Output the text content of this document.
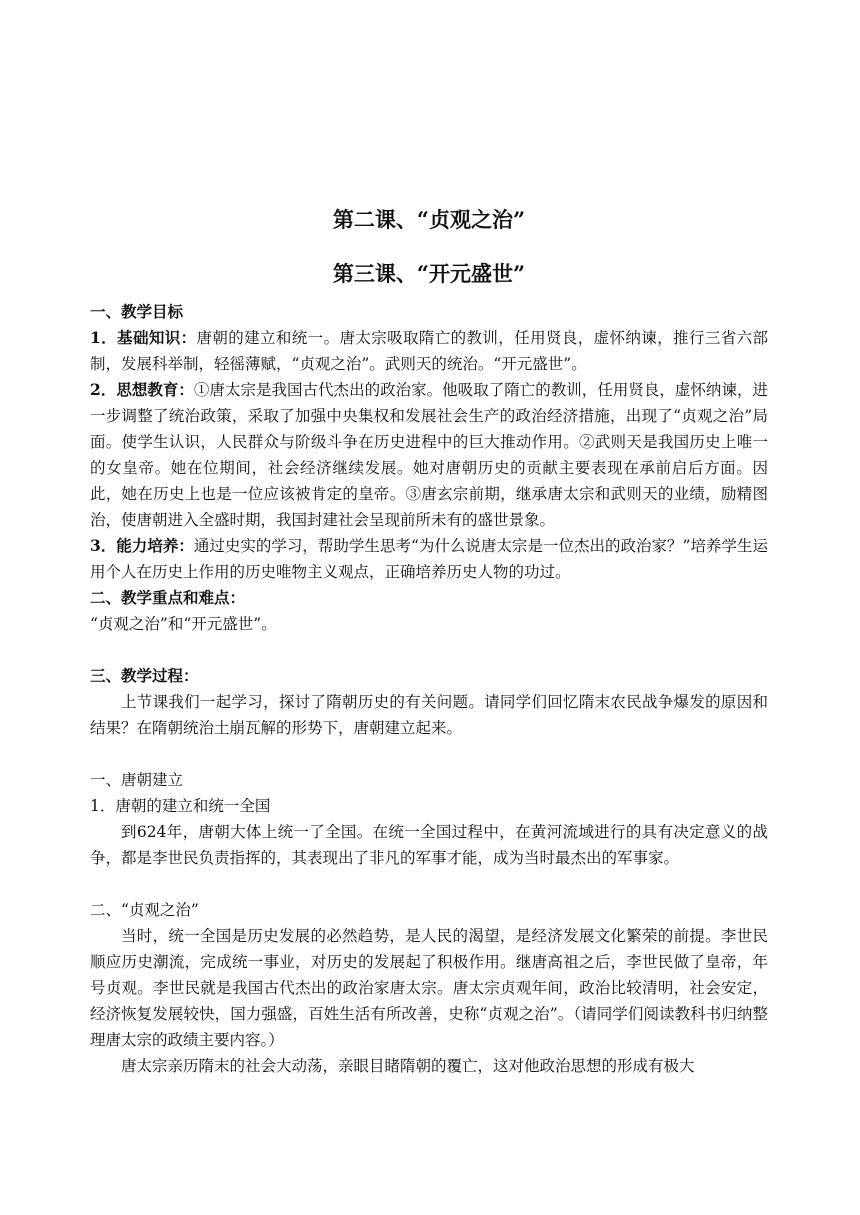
第二课、“贞观之治”
第三课、“开元盛世”

一、教学目标

1．基础知识：唐朝的建立和统一。唐太宗吸取隋亡的教训，任用贤良，虚怀纳谏，推行三省六部制，发展科举制，轻徭薄赋，“贞观之治”。武则天的统治。“开元盛世”。

2．思想教育：①唐太宗是我国古代杰出的政治家。他吸取了隋亡的教训，任用贤良，虚怀纳谏，进一步调整了统治政策，采取了加强中央集权和发展社会生产的政治经济措施，出现了“贞观之治”局面。使学生认识，人民群众与阶级斗争在历史进程中的巨大推动作用。②武则天是我国历史上唯一的女皇帝。她在位期间，社会经济继续发展。她对唐朝历史的贡献主要表现在承前启后方面。因此，她在历史上也是一位应该被肯定的皇帝。③唐玄宗前期，继承唐太宗和武则天的业绩，励精图治，使唐朝进入全盛时期，我国封建社会呈现前所未有的盛世景象。

3．能力培养：通过史实的学习，帮助学生思考“为什么说唐太宗是一位杰出的政治家？”培养学生运用个人在历史上作用的历史唯物主义观点，正确培养历史人物的功过。

二、教学重点和难点：

“贞观之治”和“开元盛世”。

三、教学过程：

上节课我们一起学习，探讨了隋朝历史的有关问题。请同学们回忆隋末农民战争爆发的原因和结果？在隋朝统治土崩瓦解的形势下，唐朝建立起来。

一、唐朝建立

1．唐朝的建立和统一全国

到624年，唐朝大体上统一了全国。在统一全国过程中，在黄河流域进行的具有决定意义的战争，都是李世民负责指挥的，其表现出了非凡的军事才能，成为当时最杰出的军事家。

二、“贞观之治”

当时，统一全国是历史发展的必然趋势，是人民的渴望，是经济发展文化繁荣的前提。李世民顺应历史潮流，完成统一事业，对历史的发展起了积极作用。继唐高祖之后，李世民做了皇帝，年号贞观。李世民就是我国古代杰出的政治家唐太宗。唐太宗贞观年间，政治比较清明，社会安定，经济恢复发展较快，国力强盛，百姓生活有所改善，史称“贞观之治”。（请同学们阅读教科书归纳整理唐太宗的政绩主要内容。）

唐太宗亲历隋末的社会大动荡，亲眼目睹隋朝的覆亡，这对他政治思想的形成有极大
